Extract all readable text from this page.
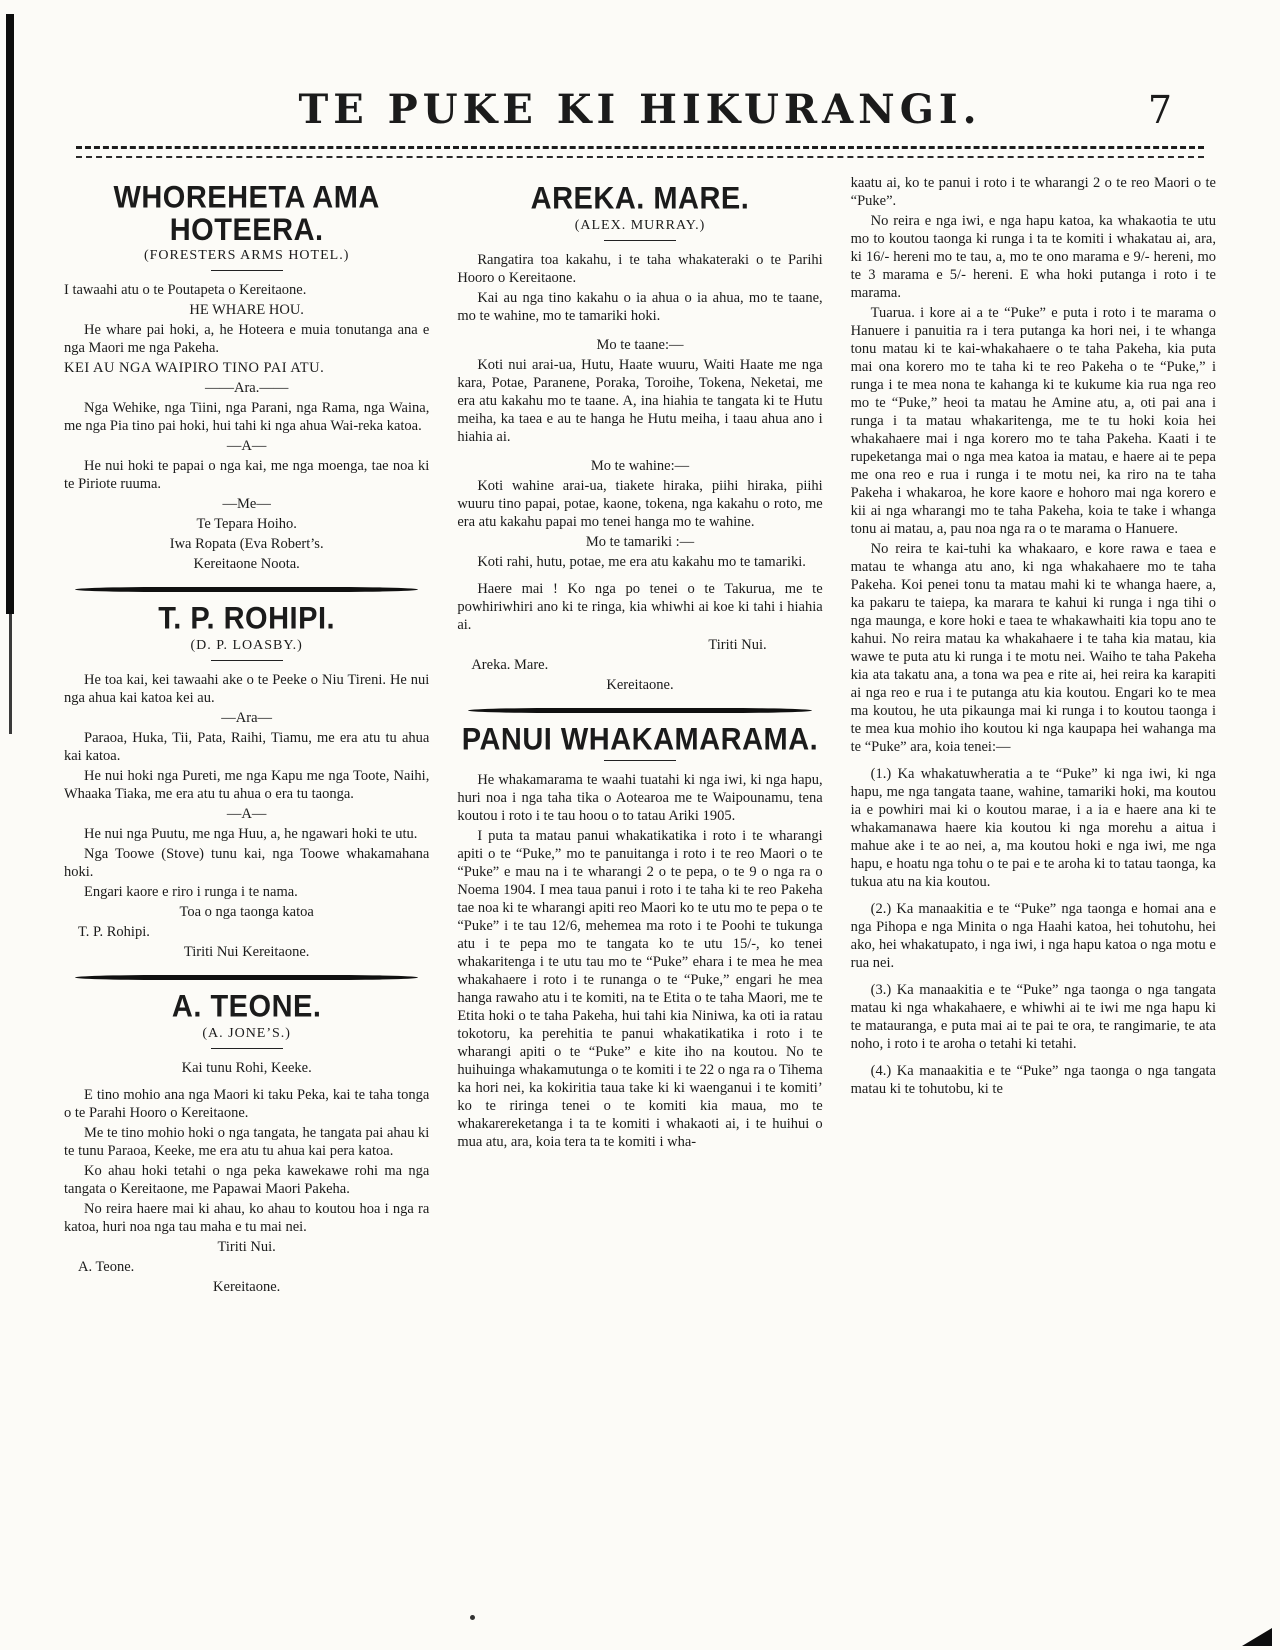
TE PUKE KI HIKURANGI.	7
WHOREHETA AMA
HOTEERA.
(FORESTERS ARMS HOTEL.)
I tawaahi atu o te Poutapeta o Kereitaone.
HE WHARE HOU.
He whare pai hoki, a, he Hoteera e muia tonutanga ana e nga Maori me nga Pakeha.
KEI AU NGA WAIPIRO TINO PAI ATU.
——Ara.——
Nga Wehike, nga Tiini, nga Parani, nga Rama, nga Waina, me nga Pia tino pai hoki, hui tahi ki nga ahua Wai-reka katoa.
—A—
He nui hoki te papai o nga kai, me nga moenga, tae noa ki te Piriote ruuma.
—Me—
Te Tepara Hoiho.
Iwa Ropata (Eva Robert’s.
Kereitaone Noota.
T. P. ROHIPI.
(D. P. LOASBY.)
He toa kai, kei tawaahi ake o te Peeke o Niu Tireni. He nui nga ahua kai katoa kei au.
—Ara—
Paraoa, Huka, Tii, Pata, Raihi, Tiamu, me era atu tu ahua kai katoa.
He nui hoki nga Pureti, me nga Kapu me nga Toote, Naihi, Whaaka Tiaka, me era atu tu ahua o era tu taonga.
—A—
He nui nga Puutu, me nga Huu, a, he ngawari hoki te utu.
Nga Toowe (Stove) tunu kai, nga Toowe whakamahana hoki.
Engari kaore e riro i runga i te nama.
Toa o nga taonga katoa
T. P. Rohipi.
Tiriti Nui Kereitaone.
A. TEONE.
(A. JONE’S.)
Kai tunu Rohi, Keeke.
E tino mohio ana nga Maori ki taku Peka, kai te taha tonga o te Parahi Hooro o Kereitaone.
Me te tino mohio hoki o nga tangata, he tangata pai ahau ki te tunu Paraoa, Keeke, me era atu tu ahua kai pera katoa.
Ko ahau hoki tetahi o nga peka kawekawe rohi ma nga tangata o Kereitaone, me Papawai Maori Pakeha.
No reira haere mai ki ahau, ko ahau to koutou hoa i nga ra katoa, huri noa nga tau maha e tu mai nei.
Tiriti Nui.
A. Teone.
Kereitaone.
AREKA. MARE.
(ALEX. MURRAY.)
Rangatira toa kakahu, i te taha whakateraki o te Parihi Hooro o Kereitaone.
Kai au nga tino kakahu o ia ahua o ia ahua, mo te taane, mo te wahine, mo te tamariki hoki.
Mo te taane:—
Koti nui arai-ua, Hutu, Haate wuuru, Waiti Haate me nga kara, Potae, Paranene, Poraka, Toroihe, Tokena, Neketai, me era atu kakahu mo te taane. A, ina hiahia te tangata ki te Hutu meiha, ka taea e au te hanga he Hutu meiha, i taau ahua ano i hiahia ai.
Mo te wahine:—
Koti wahine arai-ua, tiakete hiraka, piihi hiraka, piihi wuuru tino papai, potae, kaone, tokena, nga kakahu o roto, me era atu kakahu papai mo tenei hanga mo te wahine.
Mo te tamariki :—
Koti rahi, hutu, potae, me era atu kakahu mo te tamariki.
Haere mai ! Ko nga po tenei o te Takurua, me te powhiriwhiri ano ki te ringa, kia whiwhi ai koe ki tahi i hiahia ai.
Tiriti Nui.
Areka. Mare.
Kereitaone.
PANUI WHAKAMARAMA.
He whakamarama te waahi tuatahi ki nga iwi, ki nga hapu, huri noa i nga taha tika o Aotearoa me te Waipounamu, tena koutou i roto i te tau hoou o to tatau Ariki 1905.
I puta ta matau panui whakatikatika i roto i te wharangi apiti o te “Puke,” mo te panuitanga i roto i te reo Maori o te “Puke” e mau na i te wharangi 2 o te pepa, o te 9 o nga ra o Noema 1904. I mea taua panui i roto i te taha ki te reo Pakeha tae noa ki te wharangi apiti reo Maori ko te utu mo te pepa o te “Puke” i te tau 12/6, mehemea ma roto i te Poohi te tukunga atu i te pepa mo te tangata ko te utu 15/-, ko tenei whakaritenga i te utu tau mo te “Puke” ehara i te mea he mea whakahaere i roto i te runanga o te “Puke,” engari he mea hanga rawaho atu i te komiti, na te Etita o te taha Maori, me te Etita hoki o te taha Pakeha, hui tahi kia Niniwa, ka oti ia ratau tokotoru, ka perehitia te panui whakatikatika i roto i te wharangi apiti o te “Puke” e kite iho na koutou. No te huihuinga whakamutunga o te komiti i te 22 o nga ra o Tihema ka hori nei, ka kokiritia taua take ki ki waenganui i te komiti’ ko te riringa tenei o te komiti kia maua, mo te whakarereketanga i ta te komiti i whakaoti ai, i te huihui o mua atu, ara, koia tera ta te komiti i wha-
kaatu ai, ko te panui i roto i te wharangi 2 o te reo Maori o te “Puke”.
No reira e nga iwi, e nga hapu katoa, ka whakaotia te utu mo to koutou taonga ki runga i ta te komiti i whakatau ai, ara, ki 16/- hereni mo te tau, a, mo te ono marama e 9/- hereni, mo te 3 marama e 5/- hereni. E wha hoki putanga i roto i te marama.
Tuarua. i kore ai a te “Puke” e puta i roto i te marama o Hanuere i panuitia ra i tera putanga ka hori nei, i te whanga tonu matau ki te kai-whakahaere o te taha Pakeha, kia puta mai ona korero mo te taha ki te reo Pakeha o te “Puke,” i runga i te mea nona te kahanga ki te kukume kia rua nga reo mo te “Puke,” heoi ta matau he Amine atu, a, oti pai ana i runga i ta matau whakaritenga, me te tu hoki koia hei whakahaere mai i nga korero mo te taha Pakeha. Kaati i te rupeketanga mai o nga mea katoa ia matau, e haere ai te pepa me ona reo e rua i runga i te motu nei, ka riro na te taha Pakeha i whakaroa, he kore kaore e hohoro mai nga korero e kii ai nga wharangi mo te taha Pakeha, koia te take i whanga tonu ai matau, a, pau noa nga ra o te marama o Hanuere.
No reira te kai-tuhi ka whakaaro, e kore rawa e taea e matau te whanga atu ano, ki nga whakahaere mo te taha Pakeha. Koi penei tonu ta matau mahi ki te whanga haere, a, ka pakaru te taiepa, ka marara te kahui ki runga i nga tihi o nga maunga, e kore hoki e taea te whakawhaiti kia topu ano te kahui. No reira matau ka whakahaere i te taha kia matau, kia wawe te puta atu ki runga i te motu nei. Waiho te taha Pakeha kia ata takatu ana, a tona wa pea e rite ai, hei reira ka karapiti ai nga reo e rua i te putanga atu kia koutou. Engari ko te mea ma koutou, he uta pikaunga mai ki runga i to koutou taonga i te mea kua mohio iho koutou ki nga kaupapa hei wahanga ma te “Puke” ara, koia tenei:—
(1.) Ka whakatuwheratia a te “Puke” ki nga iwi, ki nga hapu, me nga tangata taane, wahine, tamariki hoki, ma koutou ia e powhiri mai ki o koutou marae, i a ia e haere ana ki te whakamanawa haere kia koutou ki nga morehu a aitua i mahue ake i te ao nei, a, ma koutou hoki e nga iwi, me nga hapu, e hoatu nga tohu o te pai e te aroha ki to tatau taonga, ka tukua atu na kia koutou.
(2.) Ka manaakitia e te “Puke” nga taonga e homai ana e nga Pihopa e nga Minita o nga Haahi katoa, hei tohutohu, hei ako, hei whakatupato, i nga iwi, i nga hapu katoa o nga motu e rua nei.
(3.) Ka manaakitia e te “Puke” nga taonga o nga tangata matau ki nga whakahaere, e whiwhi ai te iwi me nga hapu ki te matauranga, e puta mai ai te pai te ora, te rangimarie, te ata noho, i roto i te aroha o tetahi ki tetahi.
(4.) Ka manaakitia e te “Puke” nga taonga o nga tangata matau ki te tohutobu, ki te
